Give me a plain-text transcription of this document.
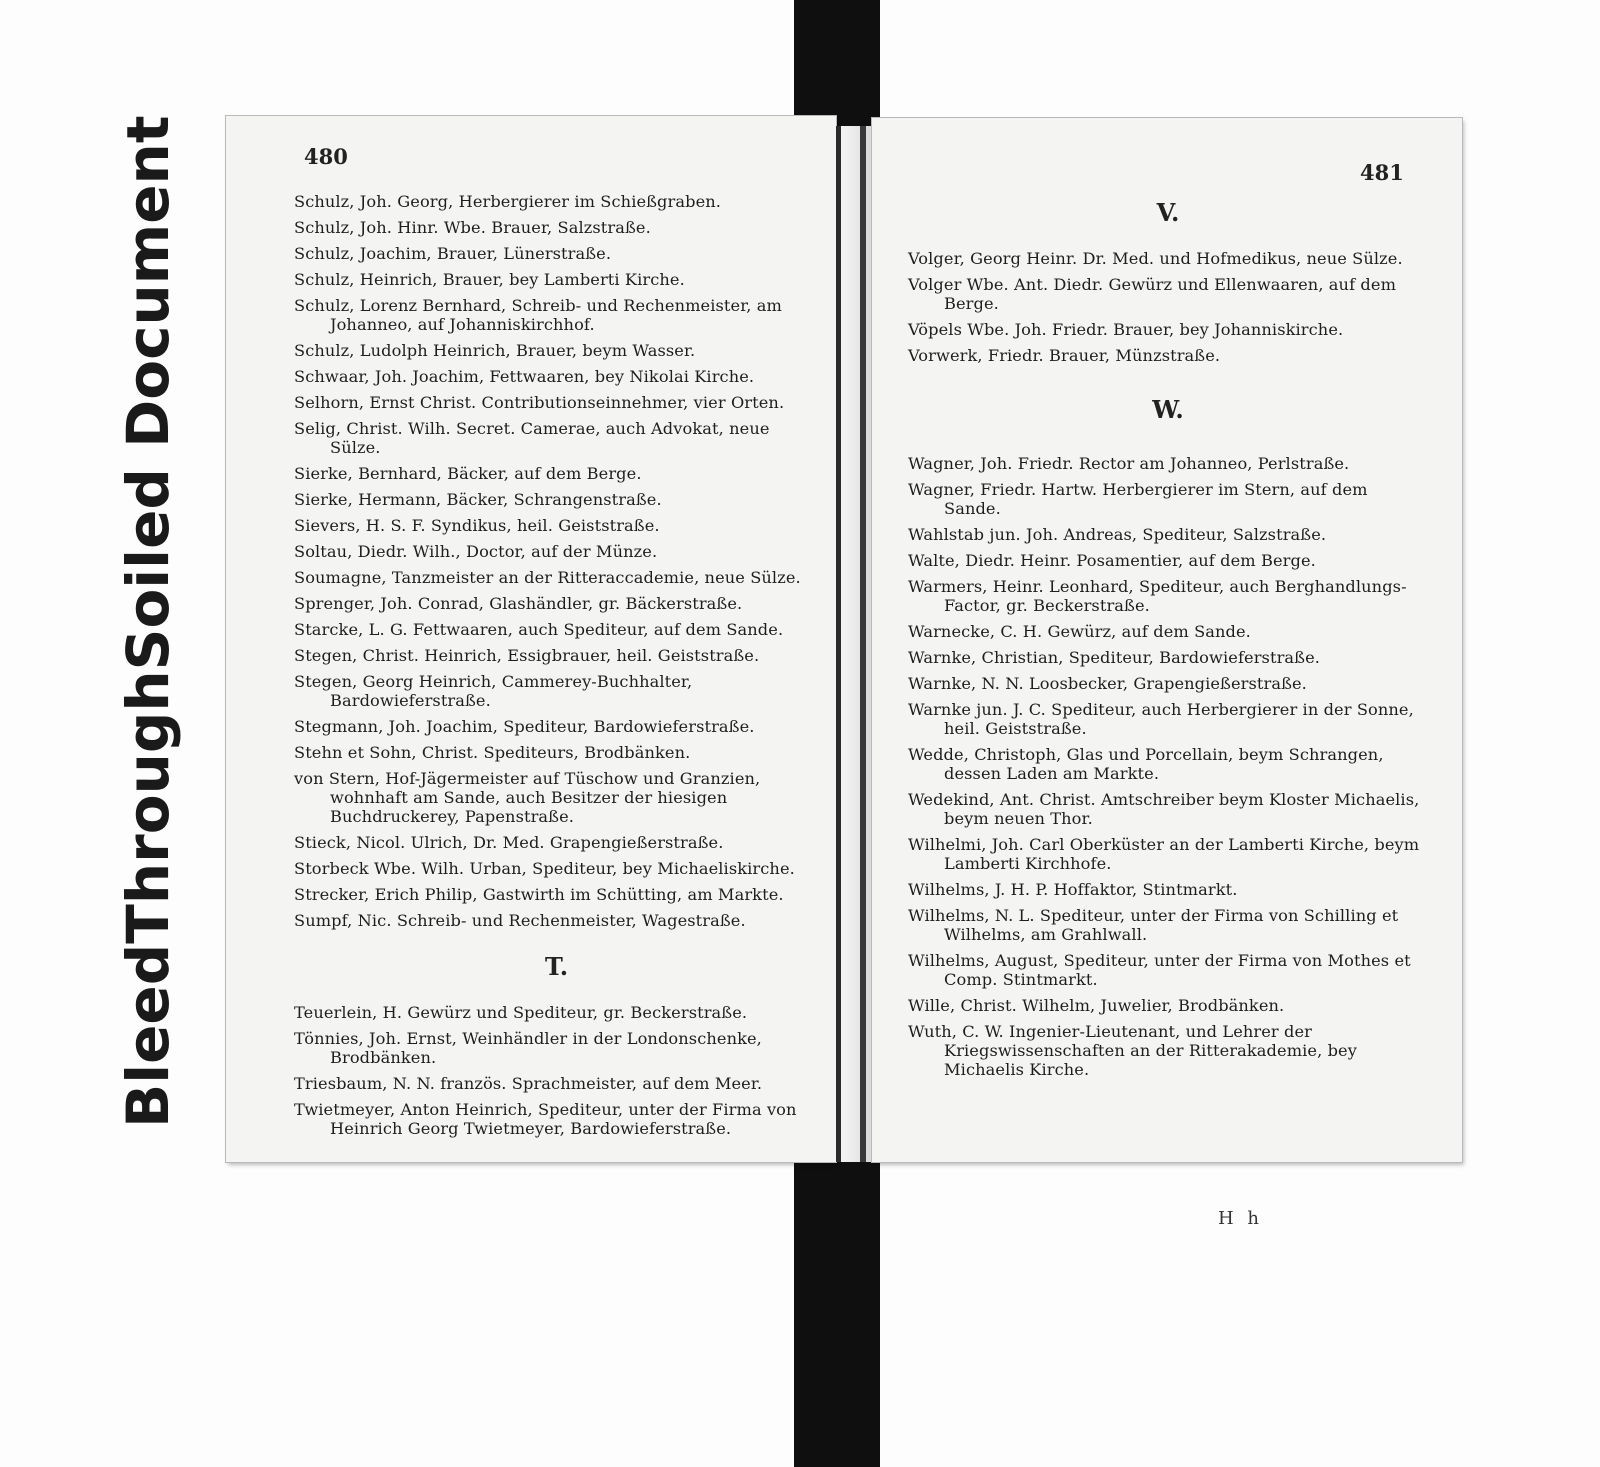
Bleed
Through
Soiled Document	480
Schulz, Joh. Georg, Herbergierer im Schießgraben.
Schulz, Joh. Hinr. Wbe. Brauer, Salzstraße.
Schulz, Joachim, Brauer, Lünerstraße.
Schulz, Heinrich, Brauer, bey Lamberti Kirche.
Schulz, Lorenz Bernhard, Schreib- und Rechenmeister, am Johanneo, auf Johanniskirchhof.
Schulz, Ludolph Heinrich, Brauer, beym Wasser.
Schwaar, Joh. Joachim, Fettwaaren, bey Nikolai Kirche.
Selhorn, Ernst Christ. Contributionseinnehmer, vier Orten.
Selig, Christ. Wilh. Secret. Camerae, auch Advokat, neue Sülze.
Sierke, Bernhard, Bäcker, auf dem Berge.
Sierke, Hermann, Bäcker, Schrangenstraße.
Sievers, H. S. F. Syndikus, heil. Geiststraße.
Soltau, Diedr. Wilh., Doctor, auf der Münze.
Soumagne, Tanzmeister an der Ritteraccademie, neue Sülze.
Sprenger, Joh. Conrad, Glashändler, gr. Bäckerstraße.
Starcke, L. G. Fettwaaren, auch Spediteur, auf dem Sande.
Stegen, Christ. Heinrich, Essigbrauer, heil. Geiststraße.
Stegen, Georg Heinrich, Cammerey-Buchhalter, Bardowieferstraße.
Stegmann, Joh. Joachim, Spediteur, Bardowieferstraße.
Stehn et Sohn, Christ. Spediteurs, Brodbänken.
von Stern, Hof-Jägermeister auf Tüschow und Granzien, wohnhaft am Sande, auch Besitzer der hiesigen Buchdruckerey, Papenstraße.
Stieck, Nicol. Ulrich, Dr. Med. Grapengießerstraße.
Storbeck Wbe. Wilh. Urban, Spediteur, bey Michaeliskirche.
Strecker, Erich Philip, Gastwirth im Schütting, am Markte.
Sumpf, Nic. Schreib- und Rechenmeister, Wagestraße.
T.
Teuerlein, H. Gewürz und Spediteur, gr. Beckerstraße.
Tönnies, Joh. Ernst, Weinhändler in der Londonschenke, Brodbänken.
Triesbaum, N. N. französ. Sprachmeister, auf dem Meer.
Twietmeyer, Anton Heinrich, Spediteur, unter der Firma von Heinrich Georg Twietmeyer, Bardowieferstraße.
481
V.
Volger, Georg Heinr. Dr. Med. und Hofmedikus, neue Sülze.
Volger Wbe. Ant. Diedr. Gewürz und Ellenwaaren, auf dem Berge.
Vöpels Wbe. Joh. Friedr. Brauer, bey Johanniskirche.
Vorwerk, Friedr. Brauer, Münzstraße.
W.
Wagner, Joh. Friedr. Rector am Johanneo, Perlstraße.
Wagner, Friedr. Hartw. Herbergierer im Stern, auf dem Sande.
Wahlstab jun. Joh. Andreas, Spediteur, Salzstraße.
Walte, Diedr. Heinr. Posamentier, auf dem Berge.
Warmers, Heinr. Leonhard, Spediteur, auch Berghandlungs-Factor, gr. Beckerstraße.
Warnecke, C. H. Gewürz, auf dem Sande.
Warnke, Christian, Spediteur, Bardowieferstraße.
Warnke, N. N. Loosbecker, Grapengießerstraße.
Warnke jun. J. C. Spediteur, auch Herbergierer in der Sonne, heil. Geiststraße.
Wedde, Christoph, Glas und Porcellain, beym Schrangen, dessen Laden am Markte.
Wedekind, Ant. Christ. Amtschreiber beym Kloster Michaelis, beym neuen Thor.
Wilhelmi, Joh. Carl Oberküster an der Lamberti Kirche, beym Lamberti Kirchhofe.
Wilhelms, J. H. P. Hoffaktor, Stintmarkt.
Wilhelms, N. L. Spediteur, unter der Firma von Schilling et Wilhelms, am Grahlwall.
Wilhelms, August, Spediteur, unter der Firma von Mothes et Comp. Stintmarkt.
Wille, Christ. Wilhelm, Juwelier, Brodbänken.
Wuth, C. W. Ingenier-Lieutenant, und Lehrer der Kriegswissenschaften an der Ritterakademie, bey Michaelis Kirche.
H h
